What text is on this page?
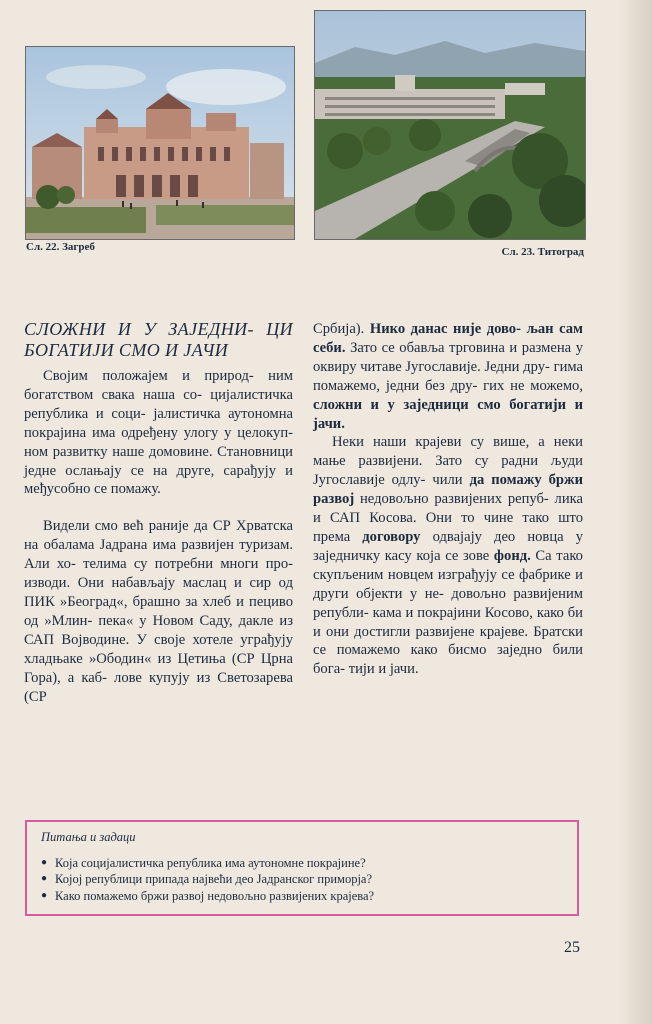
Сл. 22. Загреб	Сл. 23. Титоград
СЛОЖНИ И У ЗАЈЕДНИ- ЦИ БОГАТИЈИ СМО И ЈАЧИ

Својим положајем и природ- ним богатством свака наша со- цијалистичка република и соци- јалистичка аутономна покрајина има одређену улогу у целокуп- ном развитку наше домовине. Становници једне ослањају се на друге, сарађују и међусобно се помажу.

Видели смо већ раније да СР Хрватска на обалама Јадрана има развијен туризам. Али хо- телима су потребни многи про- изводи. Они набављају маслац и сир од ПИК »Београд«, брашно за хлеб и пециво од »Млин- пека« у Новом Саду, дакле из САП Војводине. У своје хотеле уграђују хладњаке »Ободин« из Цетиња (СР Црна Гора), а каб- лове купују из Светозарева (СР

Србија). Нико данас није дово- љан сам себи. Зато се обавља трговина и размена у оквиру читаве Југославије. Једни дру- гима помажемо, једни без дру- гих не можемо, сложни и у заједници смо богатији и јачи.

Неки наши крајеви су више, а неки мање развијени. Зато су радни људи Југославије одлу- чили да помажу бржи развој недовољно развијених репуб- лика и САП Косова. Они то чине тако што према договору одвајају део новца у заједничку касу која се зове фонд. Са тако скупљеним новцем изграђују се фабрике и други објекти у не- довољно развијеним републи- кама и покрајини Косово, како би и они достигли развијене крајеве. Братски се помажемо како бисмо заједно били бога- тији и јачи.

Питања и задаци
● Која социјалистичка република има аутономне покрајине?
● Којој републици припада највећи део Јадранског приморја?
● Како помажемо бржи развој недовољно развијених крајева?
25
